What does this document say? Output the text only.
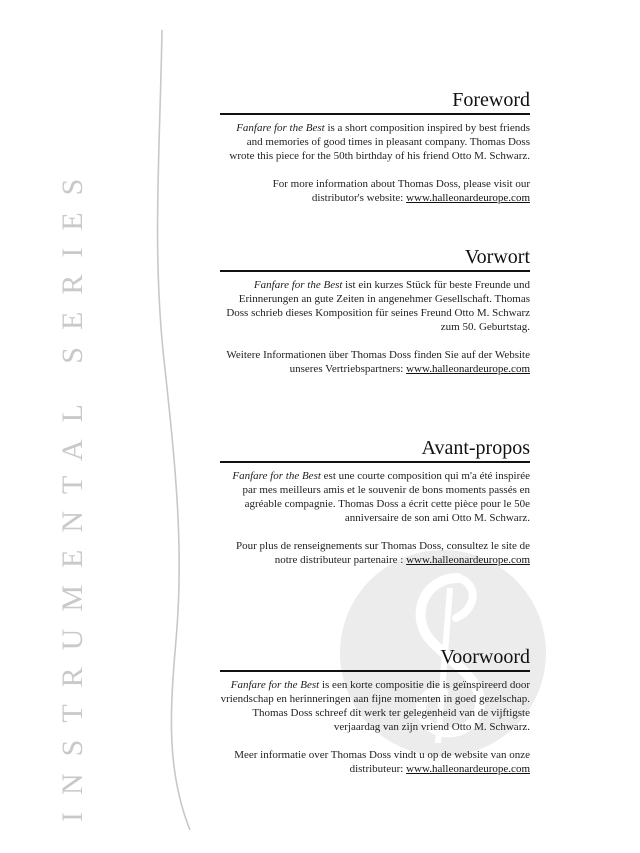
INSTRUMENTAL SERIES
Foreword

Fanfare for the Best is a short composition inspired by best friends and memories of good times in pleasant company. Thomas Doss wrote this piece for the 50th birthday of his friend Otto M. Schwarz.

For more information about Thomas Doss, please visit our distributor's website: www.halleonardeurope.com

Vorwort

Fanfare for the Best ist ein kurzes Stück für beste Freunde und Erinnerungen an gute Zeiten in angenehmer Gesellschaft. Thomas Doss schrieb dieses Komposition für seines Freund Otto M. Schwarz zum 50. Geburtstag.

Weitere Informationen über Thomas Doss finden Sie auf der Website unseres Vertriebspartners: www.halleonardeurope.com

Avant-propos

Fanfare for the Best est une courte composition qui m'a été inspirée par mes meilleurs amis et le souvenir de bons moments passés en agréable compagnie. Thomas Doss a écrit cette pièce pour le 50e anniversaire de son ami Otto M. Schwarz.

Pour plus de renseignements sur Thomas Doss, consultez le site de notre distributeur partenaire : www.halleonardeurope.com

Voorwoord

Fanfare for the Best is een korte compositie die is geïnspireerd door vriendschap en herinneringen aan fijne momenten in goed gezelschap. Thomas Doss schreef dit werk ter gelegenheid van de vijftigste verjaardag van zijn vriend Otto M. Schwarz.

Meer informatie over Thomas Doss vindt u op de website van onze distributeur: www.halleonardeurope.com
